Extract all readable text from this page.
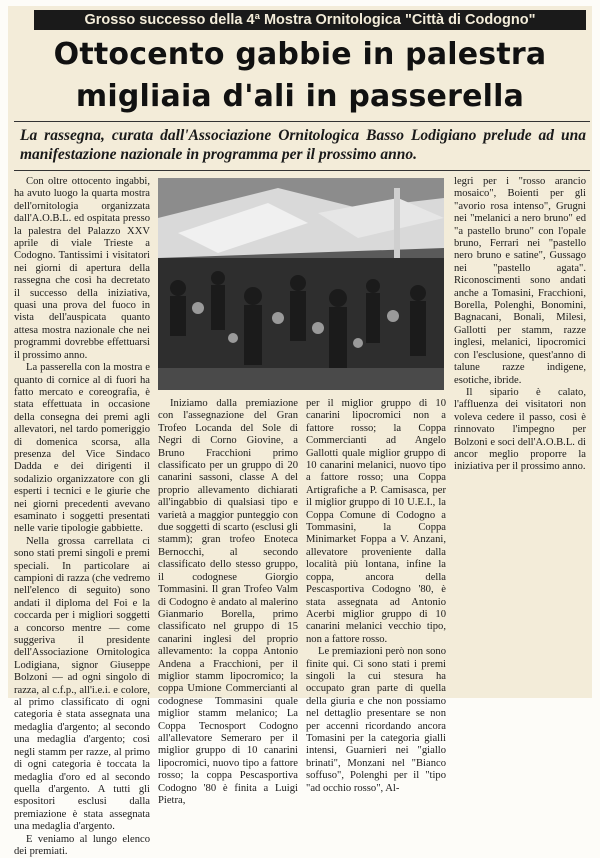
Grosso successo della 4ª Mostra Ornitologica "Città di Codogno"
Ottocento gabbie in palestra
migliaia d'ali in passerella
La rassegna, curata dall'Associazione Ornitologica Basso Lodigiano prelude ad una manifestazione nazionale in programma per il prossimo anno.

Con oltre ottocento ingabbi, ha avuto luogo la quarta mostra dell'ornitologia organizzata dall'A.O.B.L. ed ospitata presso la palestra del Palazzo XXV aprile di viale Trieste a Codogno. Tantissimi i visitatori nei giorni di apertura della rassegna che così ha decretato il successo della iniziativa, quasi una prova del fuoco in vista dell'auspicata quanto attesa mostra nazionale che nei programmi dovrebbe effettuarsi il prossimo anno.

La passerella con la mostra e quanto di cornice al di fuori ha fatto mercato e coreografia, è stata effettuata in occasione della consegna dei premi agli allevatori, nel tardo pomeriggio di domenica scorsa, alla presenza del Vice Sindaco Dadda e dei dirigenti il sodalizio organizzatore con gli esperti i tecnici e le giurie che nei giorni precedenti avevano esaminato i soggetti presentati nelle varie tipologie gabbiette.

Nella grossa carrellata ci sono stati premi singoli e premi speciali. In particolare ai campioni di razza (che vedremo nell'elenco di seguito) sono andati il diploma del Foi e la coccarda per i migliori soggetti a concorso mentre — come suggeriva il presidente dell'Associazione Ornitologica Lodigiana, signor Giuseppe Bolzoni — ad ogni singolo di razza, al c.f.p., all'i.e.i. e colore, al primo classificato di ogni categoria è stata assegnata una medaglia d'argento; al secondo una medaglia d'argento; così negli stamm per razze, al primo di ogni categoria è toccata la medaglia d'oro ed al secondo quella d'argento. A tutti gli espositori esclusi dalla premiazione è stata assegnata una medaglia d'argento.

E veniamo al lungo elenco dei premiati.

Iniziamo dalla premiazione con l'assegnazione del Gran Trofeo Locanda del Sole di Negri di Corno Giovine, a Bruno Fracchioni primo classificato per un gruppo di 20 canarini sassoni, classe A del proprio allevamento dichiarati all'ingabbio di qualsiasi tipo e varietà a maggior punteggio con due soggetti di scarto (esclusi gli stamm); gran trofeo Enoteca Bernocchi, al secondo classificato dello stesso gruppo, il codognese Giorgio Tommasini. Il gran Trofeo Valm di Codogno è andato al malerino Gianmario Borella, primo classificato nel gruppo di 15 canarini inglesi del proprio allevamento: la coppa Antonio Andena a Fracchioni, per il miglior stamm lipocromico; la coppa Umione Commercianti al codognese Tommasini quale miglior stamm melanico; La Coppa Tecnosport Codogno all'allevatore Semeraro per il miglior gruppo di 10 canarini lipocromici, nuovo tipo a fattore rosso; la coppa Pescasportiva Codogno '80 è finita a Luigi Pietra,

per il miglior gruppo di 10 canarini lipocromici non a fattore rosso; la Coppa Commercianti ad Angelo Gallotti quale miglior gruppo di 10 canarini melanici, nuovo tipo a fattore rosso; una Coppa Artigrafiche a P. Camisasca, per il miglior gruppo di 10 U.E.I., la Coppa Comune di Codogno a Tommasini, la Coppa Minimarket Foppa a V. Anzani, allevatore proveniente dalla località più lontana, infine la coppa, ancora della Pescasportiva Codogno '80, è stata assegnata ad Antonio Acerbi miglior gruppo di 10 canarini melanici vecchio tipo, non a fattore rosso.

Le premiazioni però non sono finite qui. Ci sono stati i premi singoli la cui stesura ha occupato gran parte di quella della giuria e che non possiamo nel dettaglio presentare se non per accenni ricordando ancora Tomasini per la categoria gialli intensi, Guarnieri nei "giallo brinati", Monzani nel "Bianco soffuso", Polenghi per il "tipo "ad occhio rosso", Al-

legri per i "rosso arancio mosaico", Boienti per gli "avorio rosa intenso", Grugni nei "melanici a nero bruno" ed "a pastello bruno" con l'opale bruno, Ferrari nei "pastello nero bruno e satine", Gussago nei "pastello agata". Riconoscimenti sono andati anche a Tomasini, Fracchioni, Borella, Polenghi, Bonomini, Bagnacani, Bonali, Milesi, Gallotti per stamm, razze inglesi, melanici, lipocromici con l'esclusione, quest'anno di talune razze indigene, esotiche, ibride.

Il sipario è calato, l'affluenza dei visitatori non voleva cedere il passo, così è rinnovato l'impegno per Bolzoni e soci dell'A.O.B.L. di ancor meglio proporre la iniziativa per il prossimo anno.
